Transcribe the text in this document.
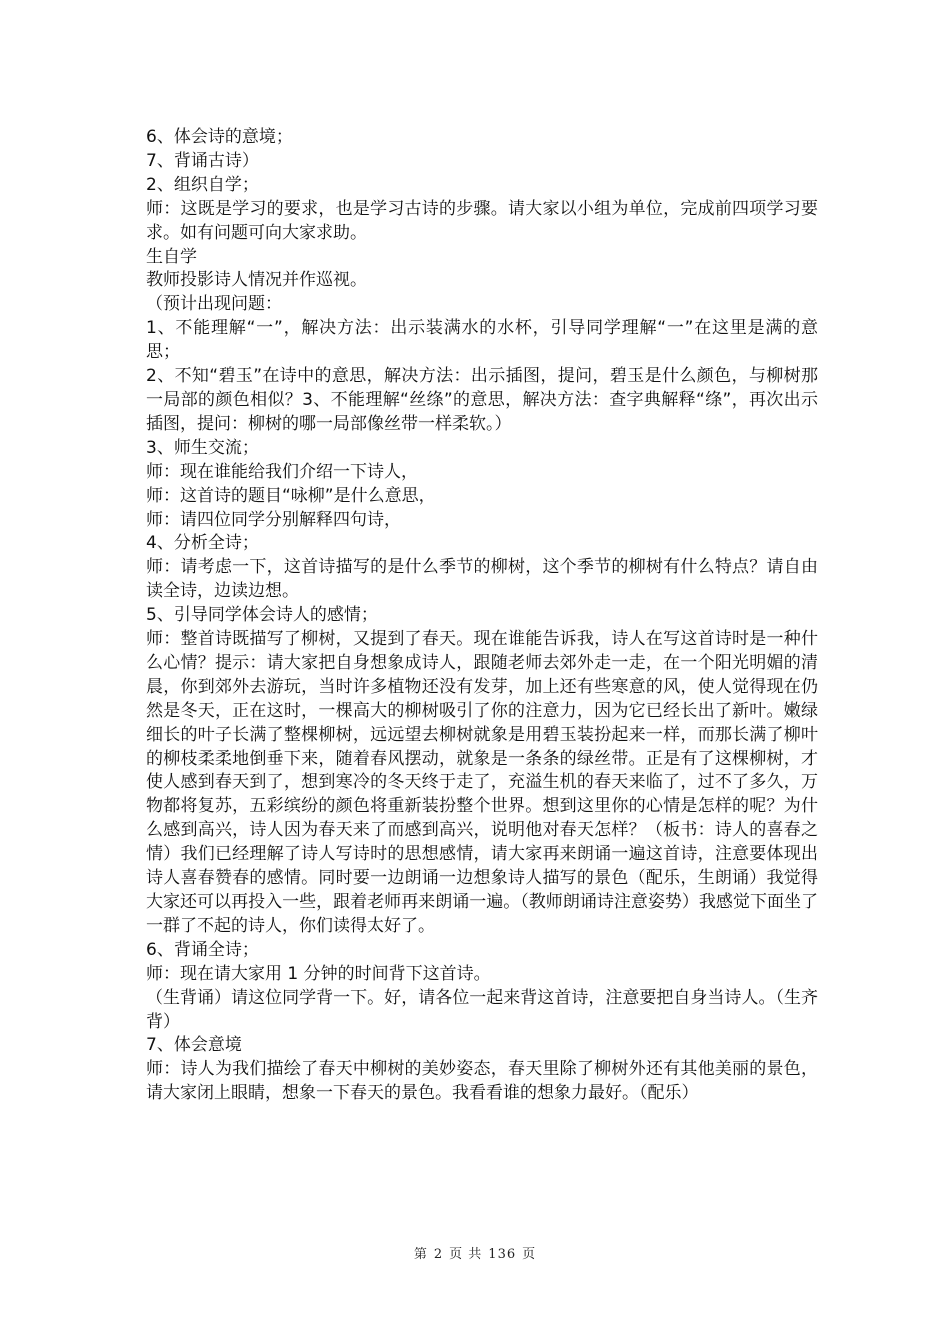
6、体会诗的意境；

7、背诵古诗）

2、组织自学；

师：这既是学习的要求，也是学习古诗的步骤。请大家以小组为单位，完成前四项学习要求。如有问题可向大家求助。

生自学

教师投影诗人情况并作巡视。

（预计出现问题：

1、不能理解“一”，解决方法：出示装满水的水杯，引导同学理解“一”在这里是满的意思；

2、不知“碧玉”在诗中的意思，解决方法：出示插图，提问，碧玉是什么颜色，与柳树那一局部的颜色相似？3、不能理解“丝绦”的意思，解决方法：查字典解释“绦”，再次出示插图，提问：柳树的哪一局部像丝带一样柔软。）

3、师生交流；

师：现在谁能给我们介绍一下诗人，

师：这首诗的题目“咏柳”是什么意思，

师：请四位同学分别解释四句诗，

4、分析全诗；

师：请考虑一下，这首诗描写的是什么季节的柳树，这个季节的柳树有什么特点？请自由读全诗，边读边想。

5、引导同学体会诗人的感情；

师：整首诗既描写了柳树，又提到了春天。现在谁能告诉我，诗人在写这首诗时是一种什么心情？提示：请大家把自身想象成诗人，跟随老师去郊外走一走，在一个阳光明媚的清晨，你到郊外去游玩，当时许多植物还没有发芽，加上还有些寒意的风，使人觉得现在仍然是冬天，正在这时，一棵高大的柳树吸引了你的注意力，因为它已经长出了新叶。嫩绿细长的叶子长满了整棵柳树，远远望去柳树就象是用碧玉装扮起来一样，而那长满了柳叶的柳枝柔柔地倒垂下来，随着春风摆动，就象是一条条的绿丝带。正是有了这棵柳树，才使人感到春天到了，想到寒冷的冬天终于走了，充溢生机的春天来临了，过不了多久，万物都将复苏，五彩缤纷的颜色将重新装扮整个世界。想到这里你的心情是怎样的呢？为什么感到高兴，诗人因为春天来了而感到高兴，说明他对春天怎样？（板书：诗人的喜春之情）我们已经理解了诗人写诗时的思想感情，请大家再来朗诵一遍这首诗，注意要体现出诗人喜春赞春的感情。同时要一边朗诵一边想象诗人描写的景色（配乐，生朗诵）我觉得大家还可以再投入一些，跟着老师再来朗诵一遍。（教师朗诵诗注意姿势）我感觉下面坐了一群了不起的诗人，你们读得太好了。

6、背诵全诗；

师：现在请大家用 1 分钟的时间背下这首诗。

（生背诵）请这位同学背一下。好，请各位一起来背这首诗，注意要把自身当诗人。（生齐背）

7、体会意境

师：诗人为我们描绘了春天中柳树的美妙姿态，春天里除了柳树外还有其他美丽的景色，请大家闭上眼睛，想象一下春天的景色。我看看谁的想象力最好。（配乐）

第 2 页 共 136 页
